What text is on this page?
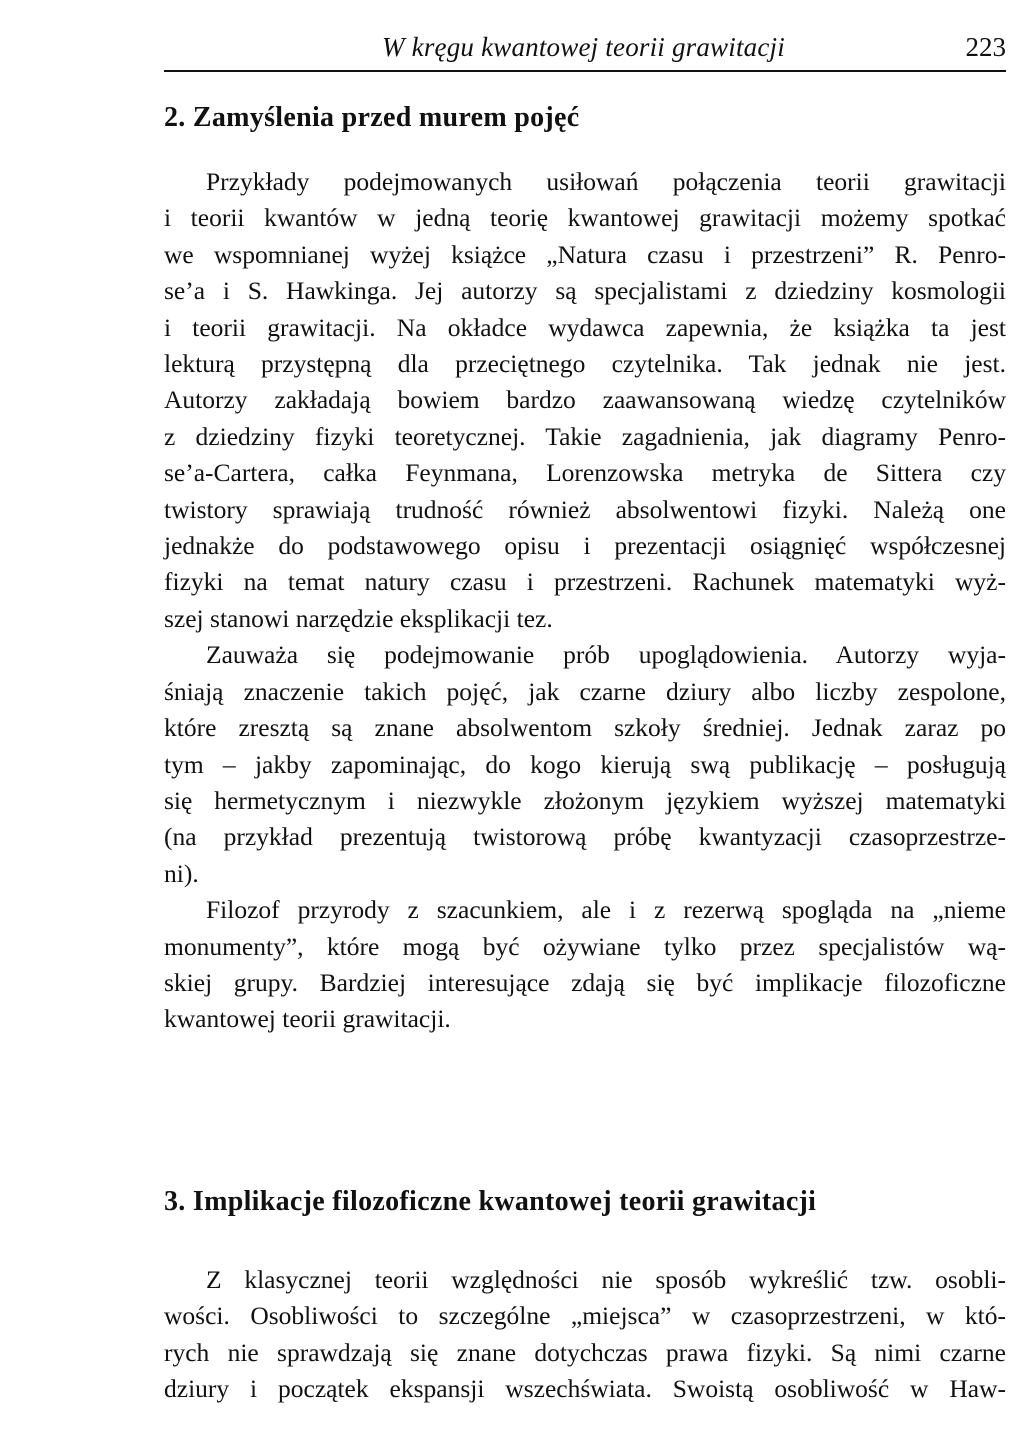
W kręgu kwantowej teorii grawitacji	223
2. Zamyślenia przed murem pojęć
Przykłady podejmowanych usiłowań połączenia teorii grawitacji
i teorii kwantów w jedną teorię kwantowej grawitacji możemy spotkać
we wspomnianej wyżej książce „Natura czasu i przestrzeni” R. Penro-
se’a i S. Hawkinga. Jej autorzy są specjalistami z dziedziny kosmologii
i teorii grawitacji. Na okładce wydawca zapewnia, że książka ta jest
lekturą przystępną dla przeciętnego czytelnika. Tak jednak nie jest.
Autorzy zakładają bowiem bardzo zaawansowaną wiedzę czytelników
z dziedziny fizyki teoretycznej. Takie zagadnienia, jak diagramy Penro-
se’a-Cartera, całka Feynmana, Lorenzowska metryka de Sittera czy
twistory sprawiają trudność również absolwentowi fizyki. Należą one
jednakże do podstawowego opisu i prezentacji osiągnięć współczesnej
fizyki na temat natury czasu i przestrzeni. Rachunek matematyki wyż-
szej stanowi narzędzie eksplikacji tez.
Zauważa się podejmowanie prób upoglądowienia. Autorzy wyja-
śniają znaczenie takich pojęć, jak czarne dziury albo liczby zespolone,
które zresztą są znane absolwentom szkoły średniej. Jednak zaraz po
tym – jakby zapominając, do kogo kierują swą publikację – posługują
się hermetycznym i niezwykle złożonym językiem wyższej matematyki
(na przykład prezentują twistorową próbę kwantyzacji czasoprzestrze-
ni).
Filozof przyrody z szacunkiem, ale i z rezerwą spogląda na „nieme
monumenty”, które mogą być ożywiane tylko przez specjalistów wą-
skiej grupy. Bardziej interesujące zdają się być implikacje filozoficzne
kwantowej teorii grawitacji.
3. Implikacje filozoficzne kwantowej teorii grawitacji
Z klasycznej teorii względności nie sposób wykreślić tzw. osobli-
wości. Osobliwości to szczególne „miejsca” w czasoprzestrzeni, w któ-
rych nie sprawdzają się znane dotychczas prawa fizyki. Są nimi czarne
dziury i początek ekspansji wszechświata. Swoistą osobliwość w Haw-
